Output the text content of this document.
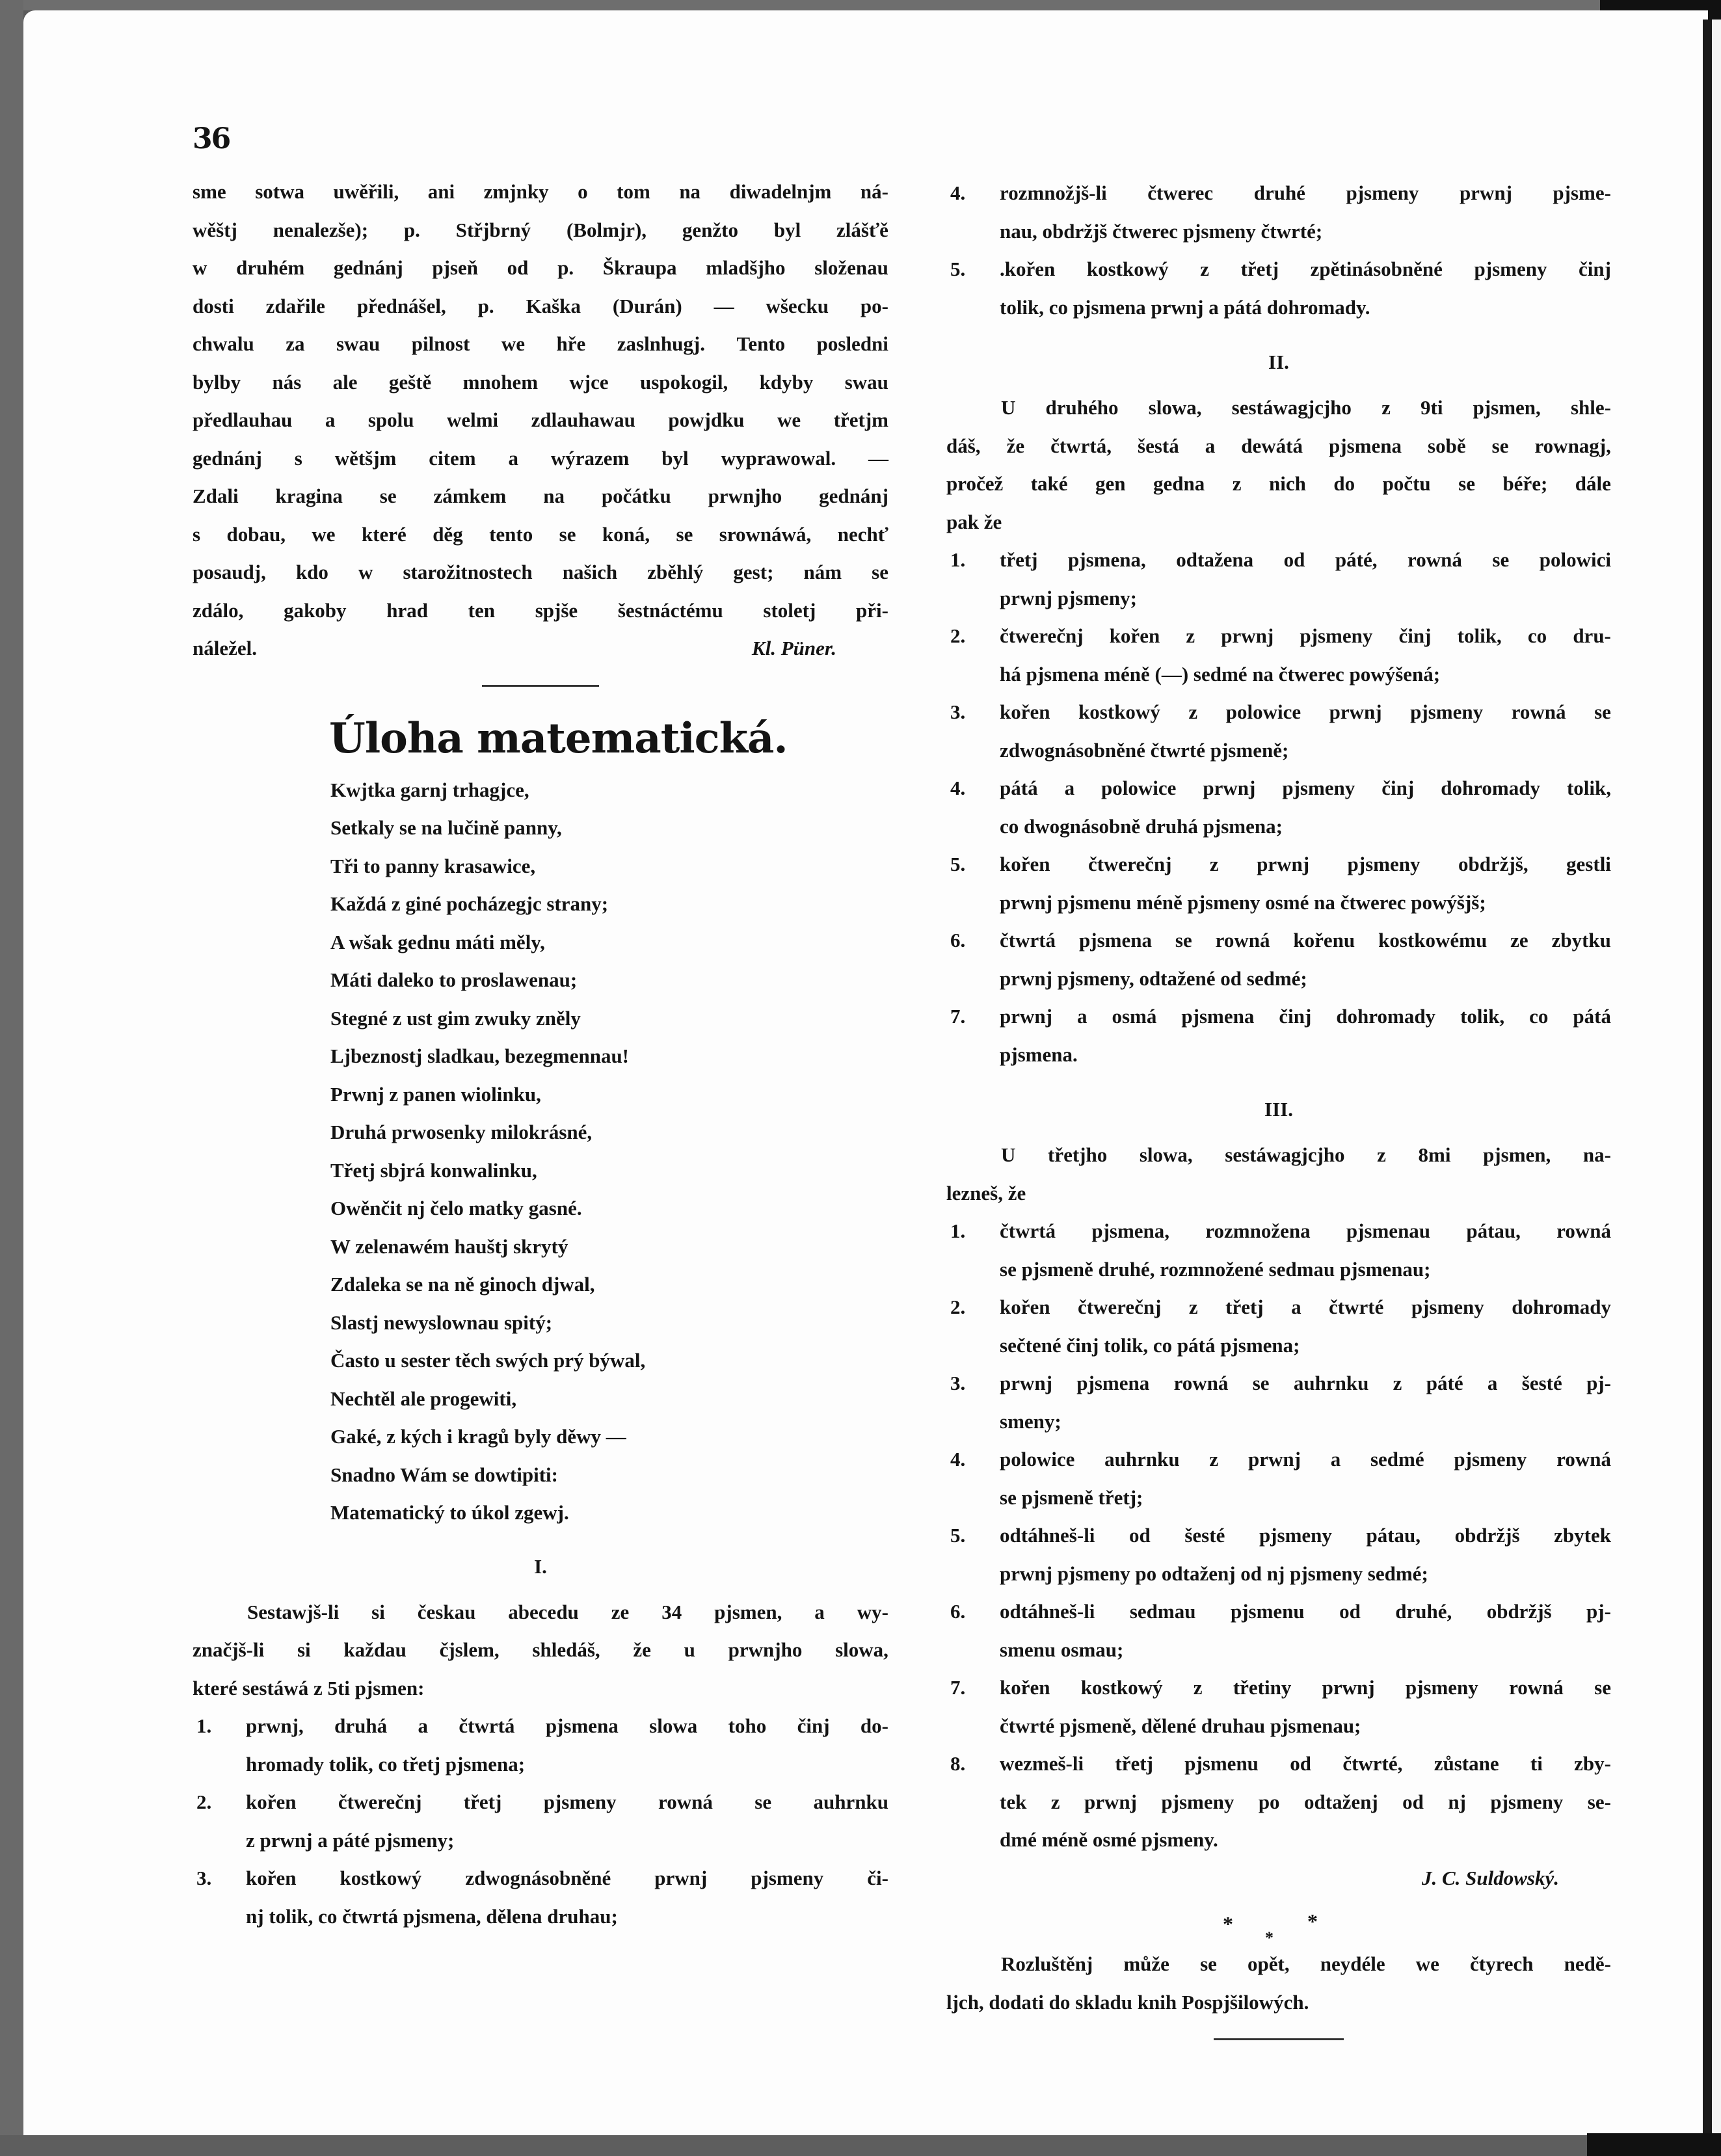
36
sme sotwa uwěřili, ani zmjnky o tom na diwadelnjm ná-
wěštj nenalezše); p. Střjbrný (Bolmjr), genžto byl zlášťě
w druhém gednánj pjseň od p. Škraupa mladšjho složenau
dosti zdařile přednášel, p. Kaška (Durán) — wšecku po-
chwalu za swau pilnost we hře zaslnhugj. Tento posledni
bylby nás ale geště mnohem wjce uspokogil, kdyby swau
předlauhau a spolu welmi zdlauhawau powjdku we třetjm
gednánj s wětšjm citem a wýrazem byl wyprawowal. —
Zdali kragina se zámkem na počátku prwnjho gednánj
s dobau, we které děg tento se koná, se srownáwá, nechť
posaudj, kdo w starožitnostech našich zběhlý gest; nám se
zdálo, gakoby hrad ten spjše šestnáctému stoletj při-
náležel.	Kl. Püner.
Úloha matematická.
Kwjtka garnj trhagjce,
Setkaly se na lučině panny,
Tři to panny krasawice,
Každá z giné pocházegjc strany;
A wšak gednu máti měly,
Máti daleko to proslawenau;
Stegné z ust gim zwuky zněly
Ljbeznostj sladkau, bezegmennau!
Prwnj z panen wiolinku,
Druhá prwosenky milokrásné,
Třetj sbjrá konwalinku,
Owěnčit nj čelo matky gasné.
W zelenawém hauštj skrytý
Zdaleka se na ně ginoch djwal,
Slastj newyslownau spitý;
Často u sester těch swých prý býwal,
Nechtěl ale progewiti,
Gaké, z kých i kragů byly děwy —
Snadno Wám se dowtipiti:
Matematický to úkol zgewj.
I.
Sestawjš-li si českau abecedu ze 34 pjsmen, a wy-
značjš-li si každau čjslem, shledáš, že u prwnjho slowa,
které sestáwá z 5ti pjsmen:
1.	prwnj, druhá a čtwrtá pjsmena slowa toho činj do-
hromady tolik, co třetj pjsmena;
2.	kořen čtwerečnj třetj pjsmeny rowná se auhrnku
z prwnj a páté pjsmeny;
3.	kořen kostkowý zdwognásobněné prwnj pjsmeny či-
nj tolik, co čtwrtá pjsmena, dělena druhau;
4.	rozmnožjš-li čtwerec druhé pjsmeny prwnj pjsme-
nau, obdržjš čtwerec pjsmeny čtwrté;
5.	.kořen kostkowý z třetj zpětinásobněné pjsmeny činj
tolik, co pjsmena prwnj a pátá dohromady.
II.
U druhého slowa, sestáwagjcjho z 9ti pjsmen, shle-
dáš, že čtwrtá, šestá a dewátá pjsmena sobě se rownagj,
pročež také gen gedna z nich do počtu se béře; dále
pak že
1.	třetj pjsmena, odtažena od páté, rowná se polowici
prwnj pjsmeny;
2.	čtwerečnj kořen z prwnj pjsmeny činj tolik, co dru-
há pjsmena méně (—) sedmé na čtwerec powýšená;
3.	kořen kostkowý z polowice prwnj pjsmeny rowná se
zdwognásobněné čtwrté pjsmeně;
4.	pátá a polowice prwnj pjsmeny činj dohromady tolik,
co dwognásobně druhá pjsmena;
5.	kořen čtwerečnj z prwnj pjsmeny obdržjš, gestli
prwnj pjsmenu méně pjsmeny osmé na čtwerec powýšjš;
6.	čtwrtá pjsmena se rowná kořenu kostkowému ze zbytku
prwnj pjsmeny, odtažené od sedmé;
7.	prwnj a osmá pjsmena činj dohromady tolik, co pátá
pjsmena.
III.
U třetjho slowa, sestáwagjcjho z 8mi pjsmen, na-
lezneš, že
1.	čtwrtá pjsmena, rozmnožena pjsmenau pátau, rowná
se pjsmeně druhé, rozmnožené sedmau pjsmenau;
2.	kořen čtwerečnj z třetj a čtwrté pjsmeny dohromady
sečtené činj tolik, co pátá pjsmena;
3.	prwnj pjsmena rowná se auhrnku z páté a šesté pj-
smeny;
4.	polowice auhrnku z prwnj a sedmé pjsmeny rowná
se pjsmeně třetj;
5.	odtáhneš-li od šesté pjsmeny pátau, obdržjš zbytek
prwnj pjsmeny po odtaženj od nj pjsmeny sedmé;
6.	odtáhneš-li sedmau pjsmenu od druhé, obdržjš pj-
smenu osmau;
7.	kořen kostkowý z třetiny prwnj pjsmeny rowná se
čtwrté pjsmeně, dělené druhau pjsmenau;
8.	wezmeš-li třetj pjsmenu od čtwrté, zůstane ti zby-
tek z prwnj pjsmeny po odtaženj od nj pjsmeny se-
dmé méně osmé pjsmeny.
J. C. Suldowský.
*
*
*
Rozluštěnj může se opět, neydéle we čtyrech nedě-
ljch, dodati do skladu knih Pospjšilowých.
